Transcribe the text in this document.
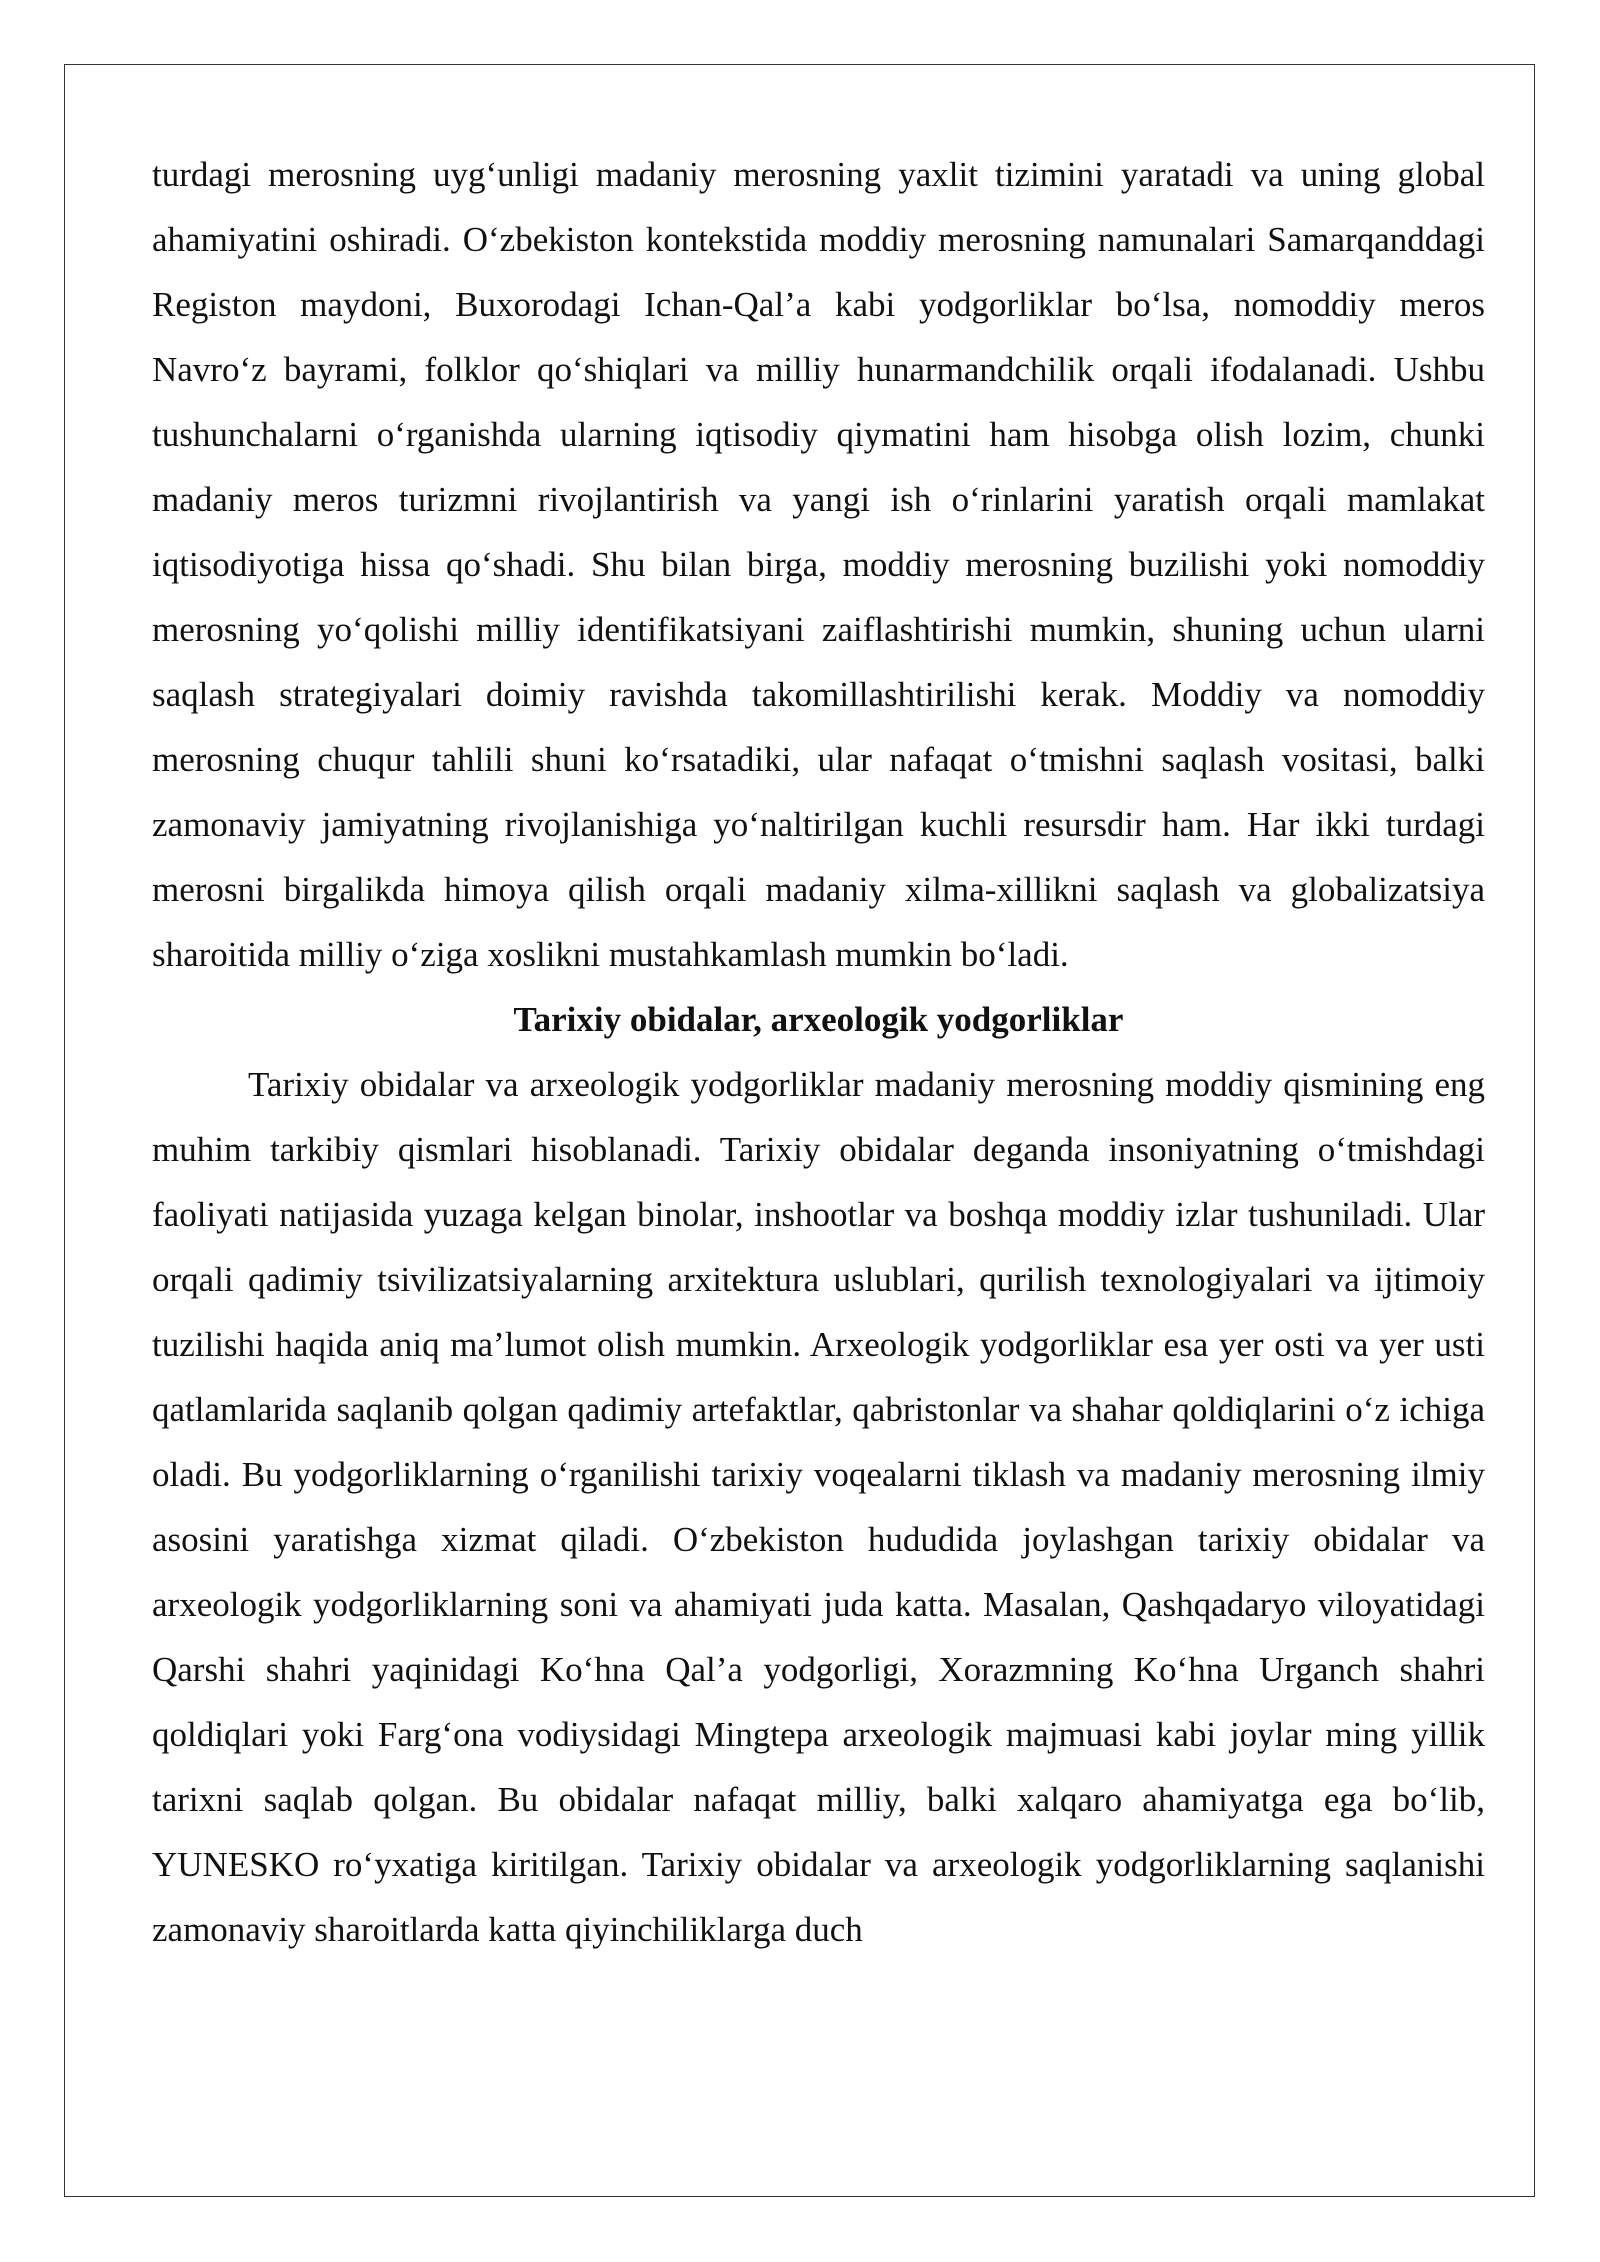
turdagi merosning uyg‘unligi madaniy merosning yaxlit tizimini yaratadi va uning global ahamiyatini oshiradi. O‘zbekiston kontekstida moddiy merosning namunalari Samarqanddagi Registon maydoni, Buxorodagi Ichan-Qal’a kabi yodgorliklar bo‘lsa, nomoddiy meros Navro‘z bayrami, folklor qo‘shiqlari va milliy hunarmandchilik orqali ifodalanadi. Ushbu tushunchalarni o‘rganishda ularning iqtisodiy qiymatini ham hisobga olish lozim, chunki madaniy meros turizmni rivojlantirish va yangi ish o‘rinlarini yaratish orqali mamlakat iqtisodiyotiga hissa qo‘shadi. Shu bilan birga, moddiy merosning buzilishi yoki nomoddiy merosning yo‘qolishi milliy identifikatsiyani zaiflashtirishi mumkin, shuning uchun ularni saqlash strategiyalari doimiy ravishda takomillashtirilishi kerak. Moddiy va nomoddiy merosning chuqur tahlili shuni ko‘rsatadiki, ular nafaqat o‘tmishni saqlash vositasi, balki zamonaviy jamiyatning rivojlanishiga yo‘naltirilgan kuchli resursdir ham. Har ikki turdagi merosni birgalikda himoya qilish orqali madaniy xilma-xillikni saqlash va globalizatsiya sharoitida milliy o‘ziga xoslikni mustahkamlash mumkin bo‘ladi.

Tarixiy obidalar, arxeologik yodgorliklar

Tarixiy obidalar va arxeologik yodgorliklar madaniy merosning moddiy qismining eng muhim tarkibiy qismlari hisoblanadi. Tarixiy obidalar deganda insoniyatning o‘tmishdagi faoliyati natijasida yuzaga kelgan binolar, inshootlar va boshqa moddiy izlar tushuniladi. Ular orqali qadimiy tsivilizatsiyalarning arxitektura uslublari, qurilish texnologiyalari va ijtimoiy tuzilishi haqida aniq ma’lumot olish mumkin. Arxeologik yodgorliklar esa yer osti va yer usti qatlamlarida saqlanib qolgan qadimiy artefaktlar, qabristonlar va shahar qoldiqlarini o‘z ichiga oladi. Bu yodgorliklarning o‘rganilishi tarixiy voqealarni tiklash va madaniy merosning ilmiy asosini yaratishga xizmat qiladi. O‘zbekiston hududida joylashgan tarixiy obidalar va arxeologik yodgorliklarning soni va ahamiyati juda katta. Masalan, Qashqadaryo viloyatidagi Qarshi shahri yaqinidagi Ko‘hna Qal’a yodgorligi, Xorazmning Ko‘hna Urganch shahri qoldiqlari yoki Farg‘ona vodiysidagi Mingtepa arxeologik majmuasi kabi joylar ming yillik tarixni saqlab qolgan. Bu obidalar nafaqat milliy, balki xalqaro ahamiyatga ega bo‘lib, YUNESKO ro‘yxatiga kiritilgan. Tarixiy obidalar va arxeologik yodgorliklarning saqlanishi zamonaviy sharoitlarda katta qiyinchiliklarga duch
